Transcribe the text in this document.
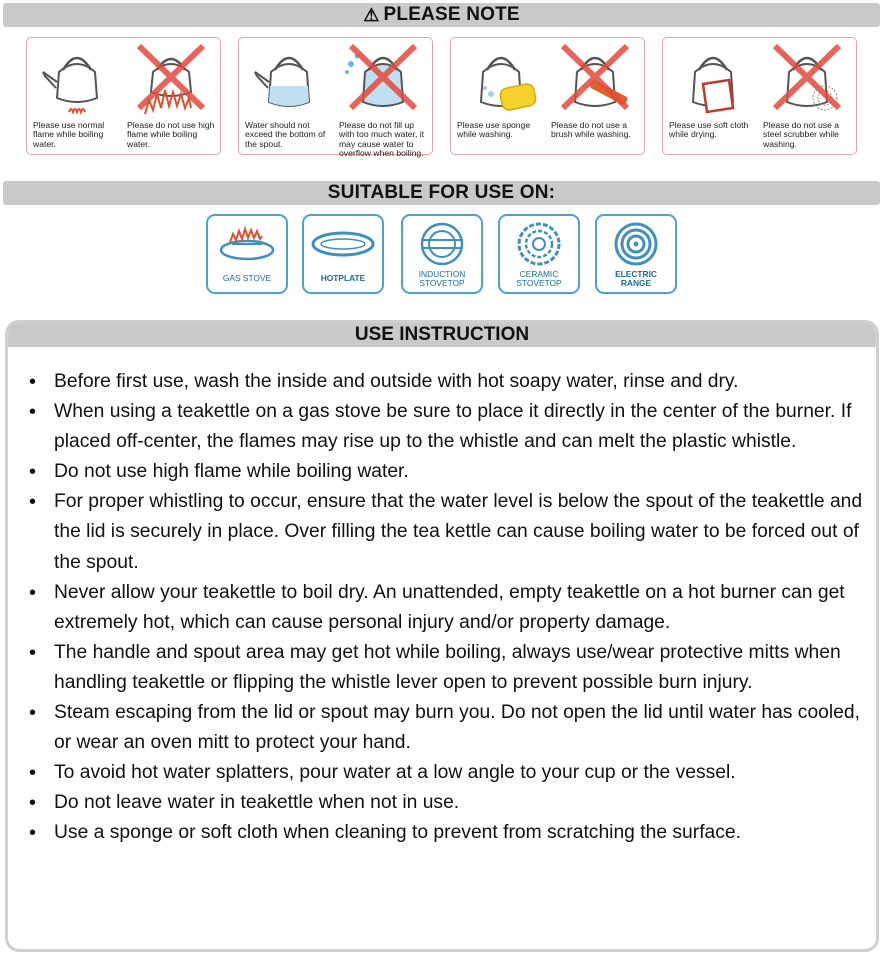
⚠ PLEASE NOTE
Please use normal flame while boiling water.
Please do not use high flame while boiling water.
Water should not exceed the bottom of the spout.
Please do not fill up with too much water, it may cause water to overflow when boiling.
Please use sponge while washing.
Please do not use a brush while washing.
Please use soft cloth while drying.
Please do not use a steel scrubber while washing.
SUITABLE FOR USE ON:
GAS STOVE	HOTPLATE	INDUCTION
STOVETOP
CERAMIC
STOVETOP
ELECTRIC
RANGE
USE INSTRUCTION
• Before first use, wash the inside and outside with hot soapy water, rinse and dry.
• When using a teakettle on a gas stove be sure to place it directly in the center of the burner. If placed off-center, the flames may rise up to the whistle and can melt the plastic whistle.
• Do not use high flame while boiling water.
• For proper whistling to occur, ensure that the water level is below the spout of the teakettle and the lid is securely in place. Over filling the tea kettle can cause boiling water to be forced out of the spout.
• Never allow your teakettle to boil dry. An unattended, empty teakettle on a hot burner can get extremely hot, which can cause personal injury and/or property damage.
• The handle and spout area may get hot while boiling, always use/wear protective mitts when handling teakettle or flipping the whistle lever open to prevent possible burn injury.
• Steam escaping from the lid or spout may burn you. Do not open the lid until water has cooled, or wear an oven mitt to protect your hand.
• To avoid hot water splatters, pour water at a low angle to your cup or the vessel.
• Do not leave water in teakettle when not in use.
• Use a sponge or soft cloth when cleaning to prevent from scratching the surface.
